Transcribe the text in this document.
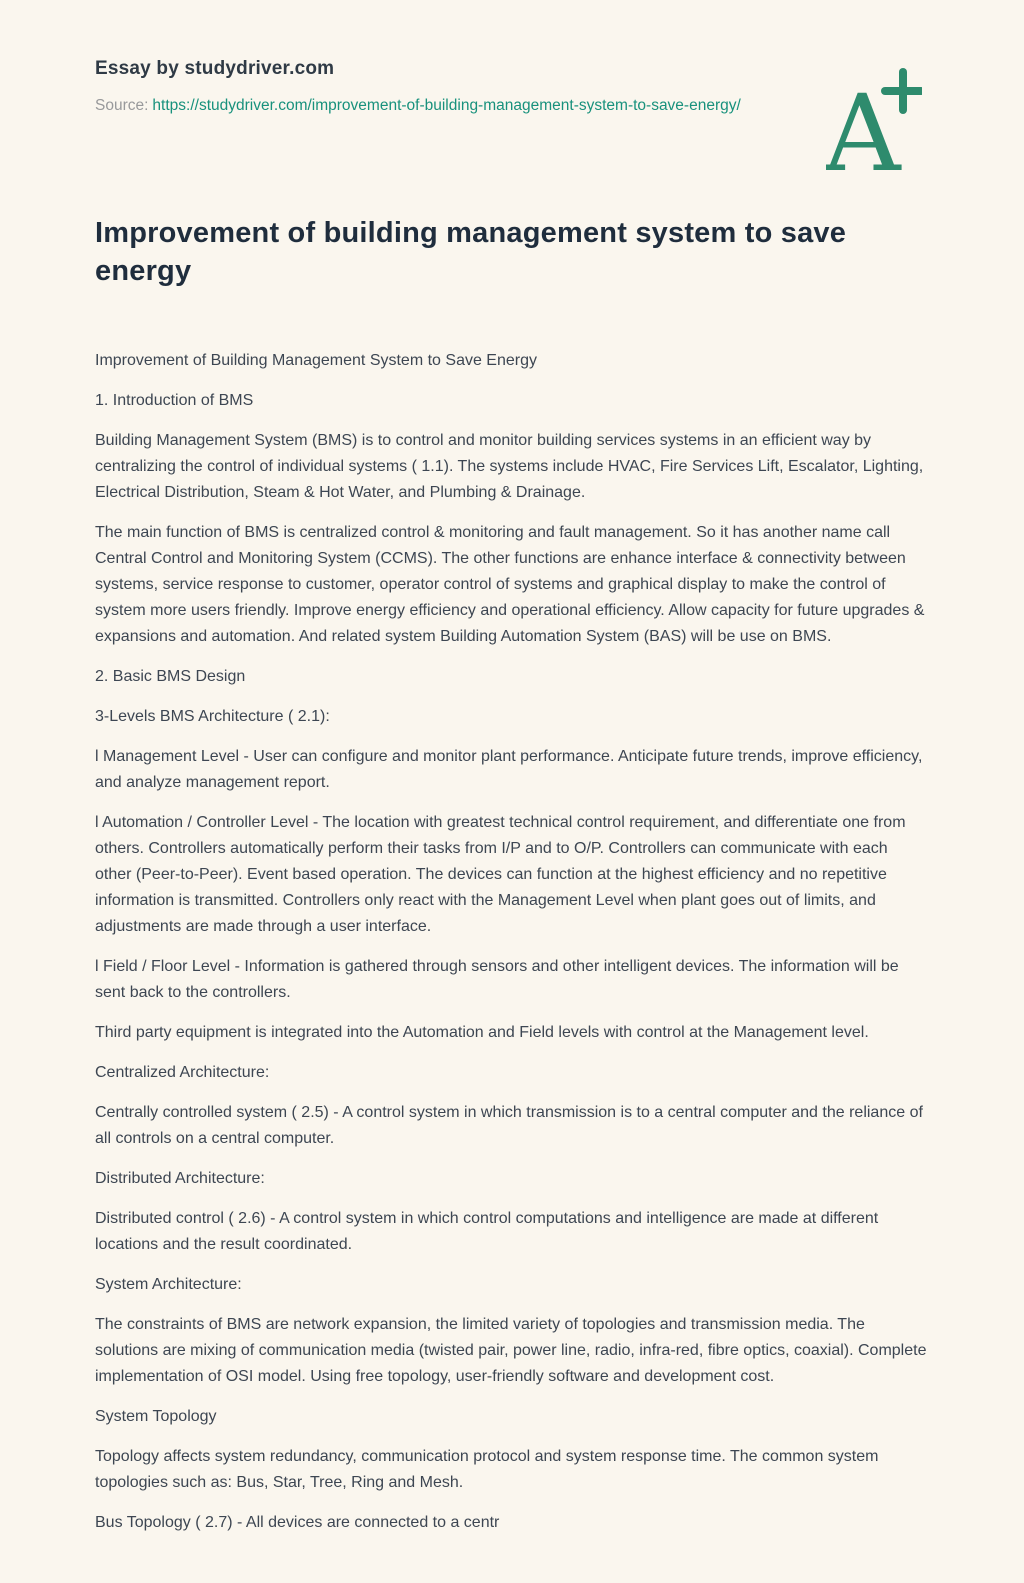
Essay by studydriver.com
Source: https://studydriver.com/improvement-of-building-management-system-to-save-energy/ A
Improvement of building management system to save energy

Improvement of Building Management System to Save Energy

1. Introduction of BMS

Building Management System (BMS) is to control and monitor building services systems in an efficient way by centralizing the control of individual systems ( 1.1). The systems include HVAC, Fire Services Lift, Escalator, Lighting, Electrical Distribution, Steam & Hot Water, and Plumbing & Drainage.

The main function of BMS is centralized control & monitoring and fault management. So it has another name call Central Control and Monitoring System (CCMS). The other functions are enhance interface & connectivity between systems, service response to customer, operator control of systems and graphical display to make the control of system more users friendly. Improve energy efficiency and operational efficiency. Allow capacity for future upgrades & expansions and automation. And related system Building Automation System (BAS) will be use on BMS.

2. Basic BMS Design

3-Levels BMS Architecture ( 2.1):

l Management Level - User can configure and monitor plant performance. Anticipate future trends, improve efficiency, and analyze management report.

l Automation / Controller Level - The location with greatest technical control requirement, and differentiate one from others. Controllers automatically perform their tasks from I/P and to O/P. Controllers can communicate with each other (Peer-to-Peer). Event based operation. The devices can function at the highest efficiency and no repetitive information is transmitted. Controllers only react with the Management Level when plant goes out of limits, and adjustments are made through a user interface.

l Field / Floor Level - Information is gathered through sensors and other intelligent devices. The information will be sent back to the controllers.

Third party equipment is integrated into the Automation and Field levels with control at the Management level.

Centralized Architecture:

Centrally controlled system ( 2.5) - A control system in which transmission is to a central computer and the reliance of all controls on a central computer.

Distributed Architecture:

Distributed control ( 2.6) - A control system in which control computations and intelligence are made at different locations and the result coordinated.

System Architecture:

The constraints of BMS are network expansion, the limited variety of topologies and transmission media. The solutions are mixing of communication media (twisted pair, power line, radio, infra-red, fibre optics, coaxial). Complete implementation of OSI model. Using free topology, user-friendly software and development cost.

System Topology

Topology affects system redundancy, communication protocol and system response time. The common system topologies such as: Bus, Star, Tree, Ring and Mesh.

Bus Topology ( 2.7) - All devices are connected to a centr
